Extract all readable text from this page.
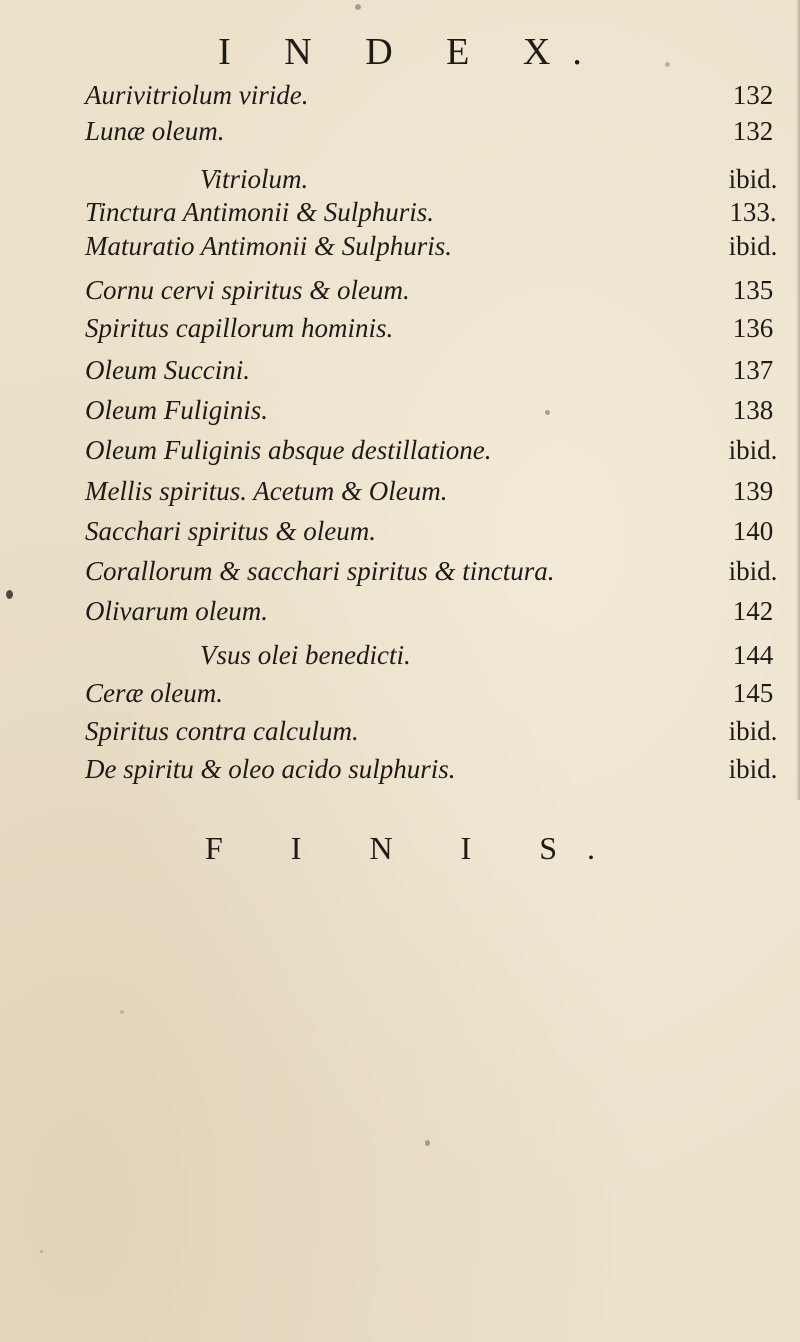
I N D E X.
Aurivitriolum viride.	132
Lunæ oleum.	132
Vitriolum.	ibid.
Tinctura Antimonii & Sulphuris.	133.
Maturatio Antimonii & Sulphuris.	ibid.
Cornu cervi spiritus & oleum.	135
Spiritus capillorum hominis.	136
Oleum Succini.	137
Oleum Fuliginis.	138
Oleum Fuliginis absque destillatione.	ibid.
Mellis spiritus. Acetum & Oleum.	139
Sacchari spiritus & oleum.	140
Corallorum & sacchari spiritus & tinctura.	ibid.
Olivarum oleum.	142
Vsus olei benedicti.	144
Ceræ oleum.	145
Spiritus contra calculum.	ibid.
De spiritu & oleo acido sulphuris.	ibid.
F I N I S.
